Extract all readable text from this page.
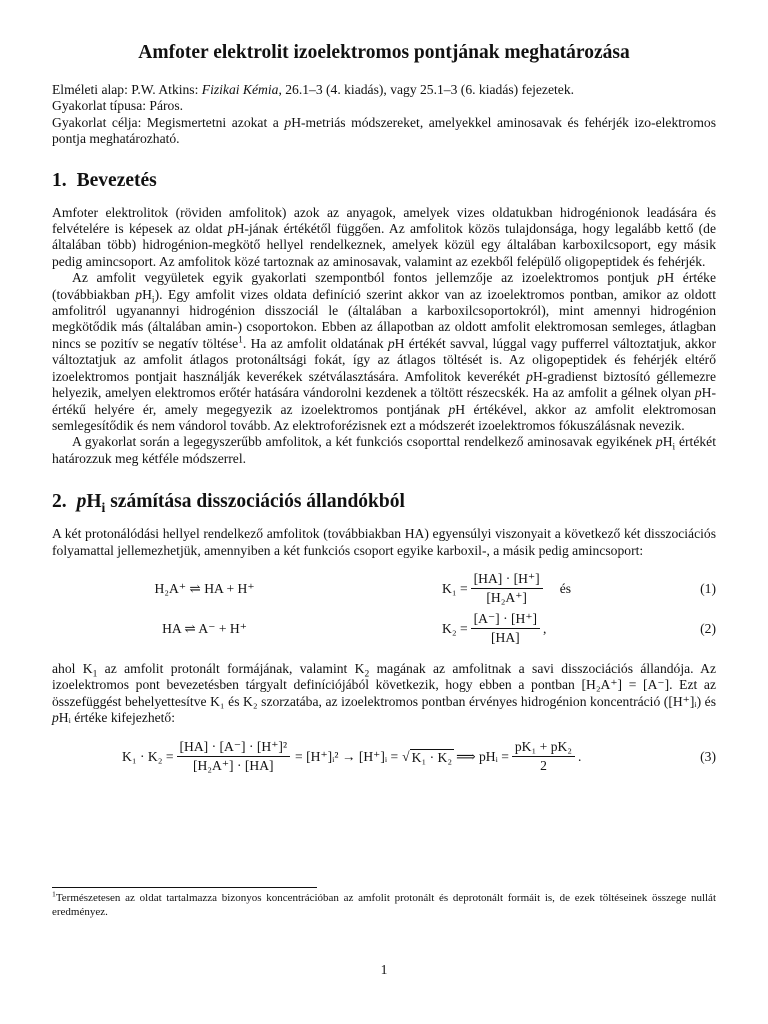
Amfoter elektrolit izoelektromos pontjának meghatározása

Elméleti alap: P.W. Atkins: Fizikai Kémia, 26.1–3 (4. kiadás), vagy 25.1–3 (6. kiadás) fejezetek.

Gyakorlat típusa: Páros.

Gyakorlat célja: Megismertetni azokat a pH-metriás módszereket, amelyekkel aminosavak és fehérjék izo-elektromos pontja meghatározható.

1. Bevezetés

Amfoter elektrolitok (röviden amfolitok) azok az anyagok, amelyek vizes oldatukban hidrogénionok leadására és felvételére is képesek az oldat pH-jának értékétől függően. Az amfolitok közös tulajdonsága, hogy legalább kettő (de általában több) hidrogénion-megkötő hellyel rendelkeznek, amelyek közül egy általában karboxilcsoport, egy másik pedig amincsoport. Az amfolitok közé tartoznak az aminosavak, valamint az ezekből felépülő oligopeptidek és fehérjék.

Az amfolit vegyületek egyik gyakorlati szempontból fontos jellemzője az izoelektromos pontjuk pH értéke (továbbiakban $pH_i$). Egy amfolit vizes oldata definíció szerint akkor van az izoelektromos pontban, amikor az oldott amfolitról ugyanannyi hidrogénion disszociál le (általában a karboxilcsoportokról), mint amennyi hidrogénion megkötődik más (általában amin-) csoportokon. Ebben az állapotban az oldott amfolit elektromosan semleges, átlagban nincs se pozitív se negatív töltése$^1$. Ha az amfolit oldatának pH értékét savval, lúggal vagy pufferrel változtatjuk, akkor változtatjuk az amfolit átlagos protonáltsági fokát, így az átlagos töltését is. Az oligopeptidek és fehérjék eltérő izoelektromos pontjait használják keverékek szétválasztására. Amfolitok keverékét pH-gradienst biztosító géllemezre helyezik, amelyen elektromos erőtér hatására vándorolni kezdenek a töltött részecskék. Ha az amfolit a gélnek olyan pH-értékű helyére ér, amely megegyezik az izoelektromos pontjának pH értékével, akkor az amfolit elektromosan semlegesítődik és nem vándorol tovább. Az elektroforézisnek ezt a módszerét izoelektromos fókuszálásnak nevezik.

A gyakorlat során a legegyszerűbb amfolitok, a két funkciós csoporttal rendelkező aminosavak egyikének $pH_i$ értékét határozzuk meg kétféle módszerrel.

2. $pH_i$ számítása disszociációs állandókból

A két protonálódási hellyel rendelkező amfolitok (továbbiakban HA) egyensúlyi viszonyait a következő két disszociációs folyamattal jellemezhetjük, amennyiben a két funkciós csoport egyike karboxil-, a másik pedig amincsoport:

H₂A⁺ ⇌ HA + H⁺	$K_1 = \frac{[HA] \cdot [H^+]}{\text{[H₂A⁺]}}$ és	(1)
HA ⇌ A⁻ + H⁺	$K_2 = \frac{[A^-] \cdot [H^+]}{[HA]}$ ,	(2)

ahol $K_1$ az amfolit protonált formájának, valamint $K_2$ magának az amfolitnak a savi disszociációs állandója. Az izoelektromos pont bevezetésben tárgyalt definíciójából következik, hogy ebben a pontban [H₂A⁺] = [A⁻]. Ezt az összefüggést behelyettesítve K₁ és K₂ szorzatába, az izoelektromos pontban érvényes hidrogénion koncentráció ([H⁺]ᵢ) és pHᵢ értéke kifejezhető:

$K_1 \cdot K_2 = \frac{\text{[HA] · [A⁻] · [H⁺]²}}{\text{[H₂A⁺] · [HA]}}$ = [H⁺]ᵢ² → [H⁺]ᵢ = √ K₁ · K₂ ⟹ pHᵢ = $\frac{\text{pK₁ + pK₂}}{2}$ .	(3)
$^1$Természetesen az oldat tartalmazza bizonyos koncentrációban az amfolit protonált és deprotonált formáit is, de ezek töltéseinek összege nullát eredményez.
1
